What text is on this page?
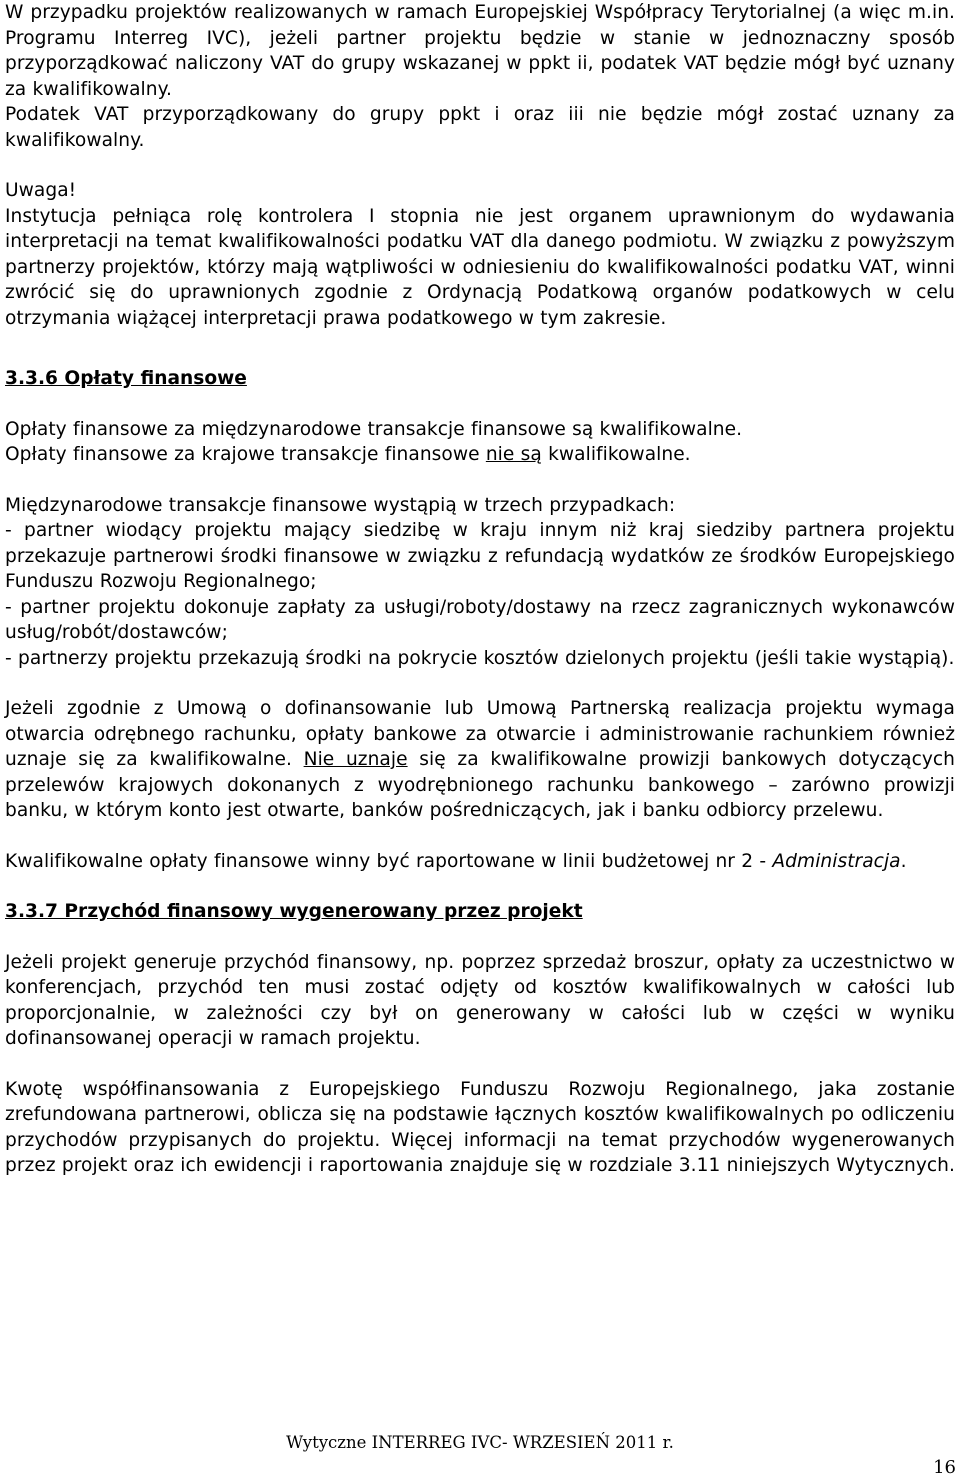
W przypadku projektów realizowanych w ramach Europejskiej Współpracy Terytorialnej (a więc m.in. Programu Interreg IVC), jeżeli partner projektu będzie w stanie w jednoznaczny sposób przyporządkować naliczony VAT do grupy wskazanej w ppkt ii, podatek VAT będzie mógł być uznany za kwalifikowalny.

Podatek VAT przyporządkowany do grupy ppkt i oraz iii nie będzie mógł zostać uznany za kwalifikowalny.

Uwaga!

Instytucja pełniąca rolę kontrolera I stopnia nie jest organem uprawnionym do wydawania interpretacji na temat kwalifikowalności podatku VAT dla danego podmiotu. W związku z powyższym partnerzy projektów, którzy mają wątpliwości w odniesieniu do kwalifikowalności podatku VAT, winni zwrócić się do uprawnionych zgodnie z Ordynacją Podatkową organów podatkowych w celu otrzymania wiążącej interpretacji prawa podatkowego w tym zakresie.

3.3.6 Opłaty finansowe

Opłaty finansowe za międzynarodowe transakcje finansowe są kwalifikowalne.

Opłaty finansowe za krajowe transakcje finansowe nie są kwalifikowalne.

Międzynarodowe transakcje finansowe wystąpią w trzech przypadkach:

- partner wiodący projektu mający siedzibę w kraju innym niż kraj siedziby partnera projektu przekazuje partnerowi środki finansowe w związku z refundacją wydatków ze środków Europejskiego Funduszu Rozwoju Regionalnego;

- partner projektu dokonuje zapłaty za usługi/roboty/dostawy na rzecz zagranicznych wykonawców usług/robót/dostawców;

- partnerzy projektu przekazują środki na pokrycie kosztów dzielonych projektu (jeśli takie wystąpią).

Jeżeli zgodnie z Umową o dofinansowanie lub Umową Partnerską realizacja projektu wymaga otwarcia odrębnego rachunku, opłaty bankowe za otwarcie i administrowanie rachunkiem również uznaje się za kwalifikowalne. Nie uznaje się za kwalifikowalne prowizji bankowych dotyczących przelewów krajowych dokonanych z wyodrębnionego rachunku bankowego – zarówno prowizji banku, w którym konto jest otwarte, banków pośredniczących, jak i banku odbiorcy przelewu.

Kwalifikowalne opłaty finansowe winny być raportowane w linii budżetowej nr 2 - Administracja.

3.3.7 Przychód finansowy wygenerowany przez projekt

Jeżeli projekt generuje przychód finansowy, np. poprzez sprzedaż broszur, opłaty za uczestnictwo w konferencjach, przychód ten musi zostać odjęty od kosztów kwalifikowalnych w całości lub proporcjonalnie, w zależności czy był on generowany w całości lub w części w wyniku dofinansowanej operacji w ramach projektu.

Kwotę współfinansowania z Europejskiego Funduszu Rozwoju Regionalnego, jaka zostanie zrefundowana partnerowi, oblicza się na podstawie łącznych kosztów kwalifikowalnych po odliczeniu przychodów przypisanych do projektu. Więcej informacji na temat przychodów wygenerowanych przez projekt oraz ich ewidencji i raportowania znajduje się w rozdziale 3.11 niniejszych Wytycznych.

Wytyczne INTERREG IVC- WRZESIEŃ 2011 r.
16
